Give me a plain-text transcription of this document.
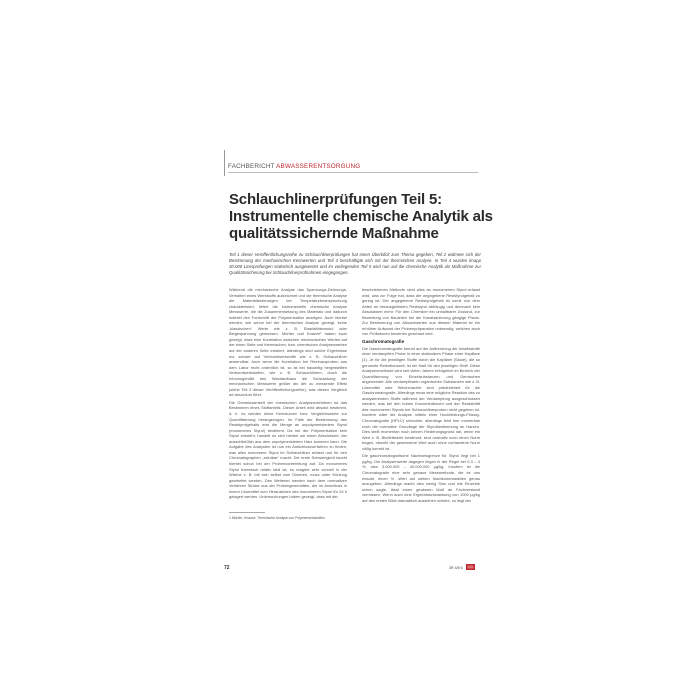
FACHBERICHT ABWASSERENTSORGUNG
Schlauchlinerprüfungen Teil 5:
Instrumentelle chemische Analytik als
qualitätssichernde Maßnahme
Teil 1 dieser Veröffentlichungsreihe zu Schlauchlinerprüfungen hat einen Überblick zum Thema gegeben, Teil 2 widmete sich der Bestimmung der mechanischen Kennwerten und Teil 3 beschäftigte sich mit der thermischen Analyse. In Teil 4 wurden knapp 30.000 Linerprüfungen statistisch ausgewertet und im vorliegenden Teil 5 wird nun auf die chemische Analytik als Maßnahme zur Qualitätssicherung bei Schlauchlinerprüfnahmen eingegangen.

Während die mechanische Analyse das Spannungs-Dehnungs-Verhalten eines Werkstoffs aufzeichnet und die thermische Analyse die Materialänderungen bei Temperaturbeanspruchung charakterisiert, liefert die instrumentelle chemische Analyse Messwerte, die die Zusammensetzung des Materials und dadurch indirekt den Fortschritt der Polymerisation anzeigen. Auch hierbei werden, wie schon bei der thermischen Analyse gezeigt, keine „klassischen“ Werte wie z. B. Elastizitätsmodul oder Biegespannung gemessen. Mörtler und Knazze¹ haben zwar gezeigt, dass eine Korrelation zwischen mechanischen Werten auf der einen Seite und thermischen, bzw. chemischen Analysenwerten auf der anderen Seite existiert, allerdings sind solche Ergebnisse nur schwer auf Verbundwerkstoffe wie z. B. Schlauchliner anwendbar. Auch wenn die Korrelation bei Reinharzproben aus dem Labor recht ordentlich ist, so ist bei baustelig hergestellten Verbundwerkstoffen, wie z. B. Schlauchlinern, durch die Inhomogenität des Wandaufbaus die Schwankung der mechanischen Messwerte größer als der zu messende Effekt (siehe Teil 3 dieser Veröffentlichungsreihe), was diesen Vergleich ad absurdum führt.

Die Gemeinsamkeit der chemischen Analysenverfahren ist das Bestimmen eines Stoffanteils. Dieser Anteil wird absolut bestimmt, d. h. es werden keine Kennkurven bzw. Vergleichswerte zur Quantifizierung herangezogen. Im Falle der Bestimmung des Reststyrolgehalts wird die Menge an unpolymerisiertem Styrol (monomeres Styrol) bestimmt. Da bei der Polymerisation kein Styrol entsteht, handelt es sich hierbei um einen Absolutwert, der ausschließlich aus dem unpolymerisierten Harz kommen kann. Die Aufgabe des Analysten ist nun ein Aufschlussverfahren zu finden, was alles monomere Styrol im Schlauchliner erfasst und für den Chromatographen „sichtbar“ macht. Die erste Schwierigkeit taucht hierbei schon bei der Probenvorbereitung auf. Da monomeres Styrol thermisch relativ labil ist, es reagiert sehr schnell in der Wärme z. B. mit sich selbst zum Dimeren, muss unter Kühlung gearbeitet werden. Des Weiteren werden nach dem normativen Verfahren Stücke aus der Probengeschnitten, die im Anschluss in einem Lösemittel zum Herauslösen des monomeren Styrol für 24 h gelagert werden. Untersuchungen haben gezeigt, dass mit der

beschriebenen Methode nicht alles an monomerem Styrol erfasst wird, was zur Folge hat, dass der angegebene Reststyrolgehalt zu gering ist. Der angegebene Reststyrolgehalt ist somit von dem Anteil an herausgelöstem Reststyrol abhängig und demnach kein Absolutwert mehr. Für den Chemiker ein unhaltbarer Zustand, zur Bewertung von Bauteilen bei der Kanalsanierung gängige Praxis. Zur Bestimmung von Absolutwerten aus diesem Material ist ein erhöhter Aufwand der Probenpräparation notwendig, welchen auch von Prüflaboren bewerten geschaut wird.

Gaschromatografie

Die Gaschromatografie beruht auf der Auftrennung der Inhaltsstoffe einer verdampften Probe in einer stationären Phase einer Kapillare (1). Je für die jeweiligen Stoffe durch die Kapillare (Säule), die so genannte Retentionszeit, ist ein Maß für den jeweiligen Stoff. Diese Analysenmethode wird seit vielen Jahren erfolgreich im Bereich der Quantifizierung von Einzelsubstanzen und Gemischen angewendet. Alle verdampfbaren organischen Substanzen wie z. B. Lösemittel oder Weichmacher sind prädestiniert für die Gaschromatografie. Allerdings muss eine mögliche Reaktion des zu analysierenden Stoffs während der Verdampfung ausgeschlossen werden, was bei den hohen Konzentrationen und der Reaktivität des monomeren Styrols bei Schlauchlinerproben nicht gegeben ist. Insofern wäre die Analyse mittels einer Hochleistungs-Flüssig-Chromatografie (HPLC) sinnvoller, allerdings fehlt hier momentan noch die normative Grundlage der Styrolbestimmung an Harzen. Dies stellt momentan noch keinen Hinderungsgrund dar, wenn ein Wert z. B. Blutfettwerte bestimmt, sind normativ noch einen Norm fragen, obwohl der gemessene Wert auch ohne vorhandene Norm völlig korrekt ist.

Die gaschromatografische Nachweisgrenze für Styrol liegt bei 1 µg/kg. Die Analysenwerte dagegen liegen in der Regel bei 0,3 – 4 %, also 3.000.000 – 40.000.000 µg/kg. Insofern ist die Chromatografie eine sehr genaue Messmethode, die es uns erlaubt, einen % -Wert auf sieben Nachkommastellen genau anzugeben. Allerdings macht dies wenig Sinn und wie Einzelne schon sagte, lässt einen gewissen Maß an Fachverstand vermissen. Wenn auch eine Ergebnisschwankung von 1000 µg/kg auf den ersten Blick dramatisch aussiehen scheint, so liegt der

1 Mörtler, Knazze: Thermische Analyse von Polymerwerkstoffen
72	3R 4/5 6
